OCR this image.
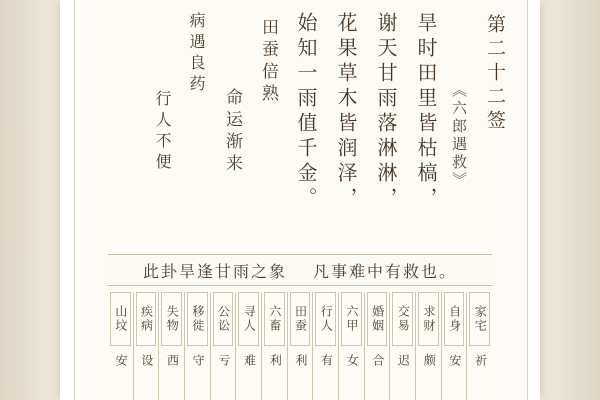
第二十二签
《六郎遇救》
旱时田里皆枯槁，
谢天甘雨落淋淋，
花果草木皆润泽，
始知一雨值千金。
田蚕倍熟
命运渐来
病遇良药
行人不便
此卦旱逢甘雨之象 凡事难中有救也。
家宅
祈
自身
安
求财
颇
交易
迟
婚姻
合
六甲
女
行人
有
田蚕
利
六畜
利
寻人
难
公讼
亏
移徙
守
失物
西
疾病
设
山坟
安
